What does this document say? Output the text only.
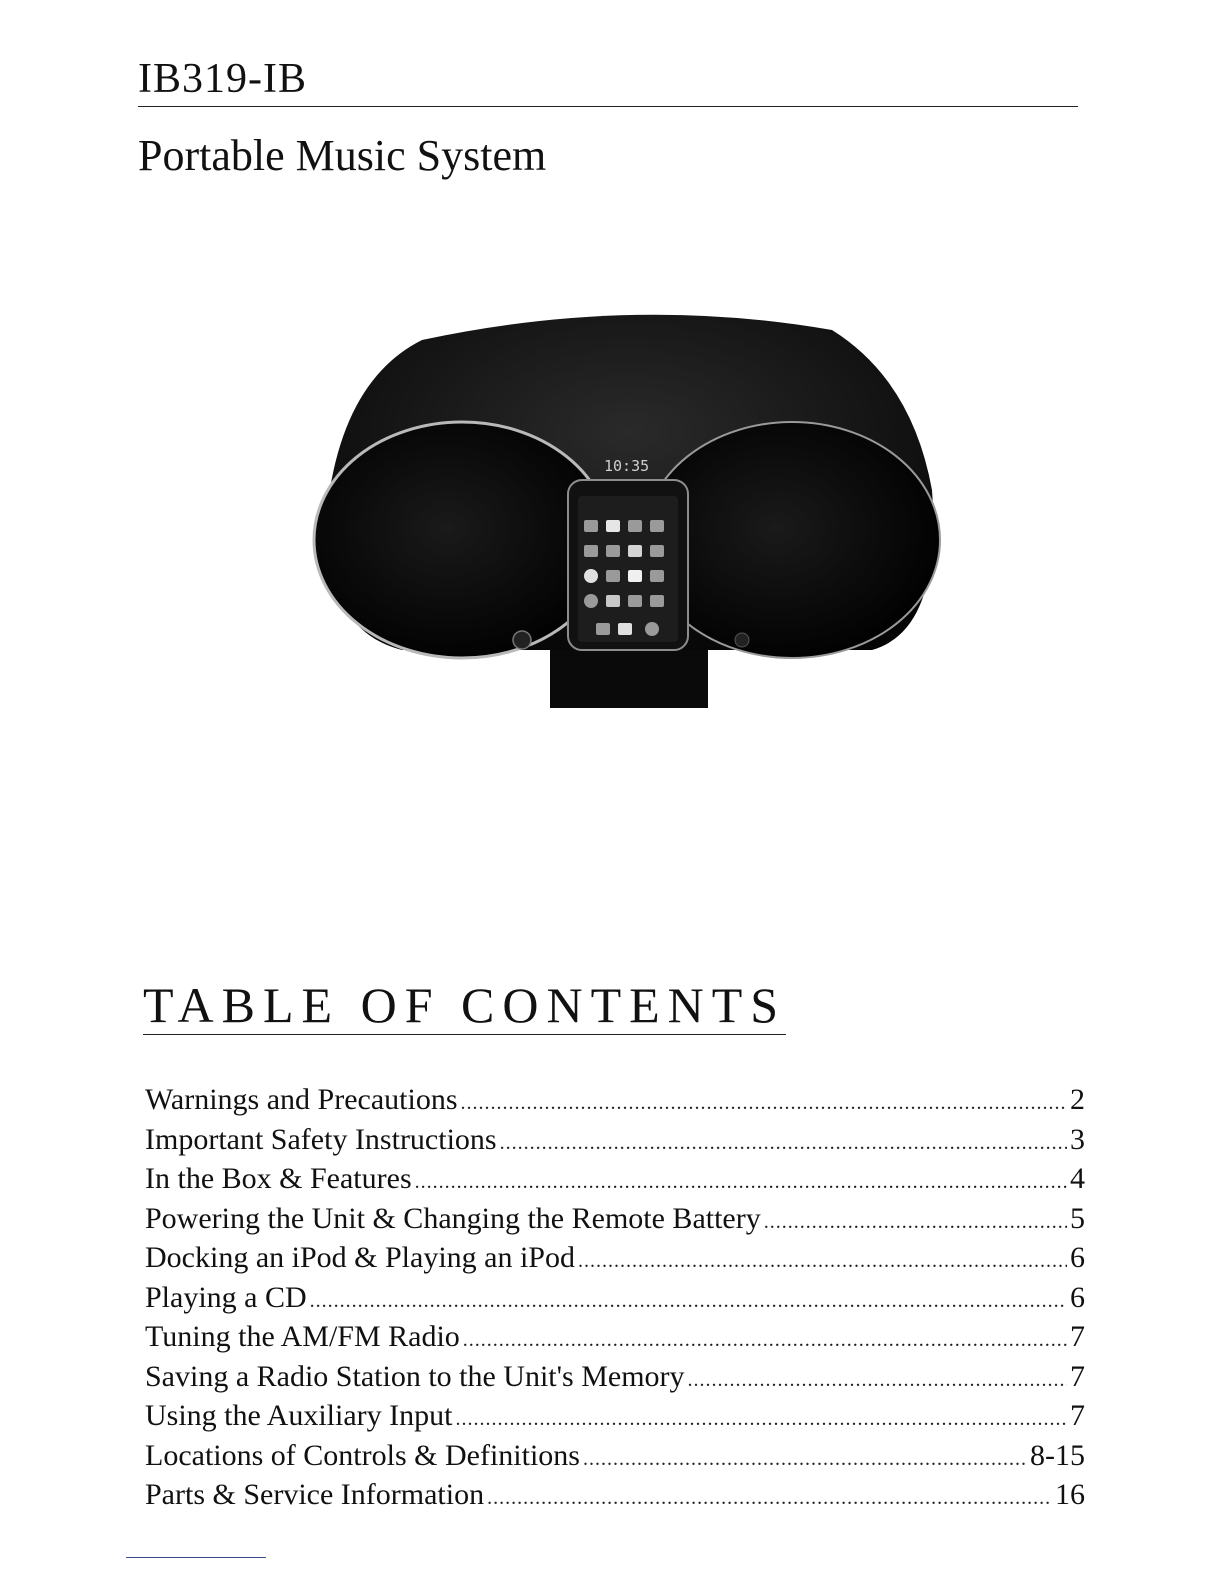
IB319-IB
Portable Music System
10:35
TABLE OF CONTENTS
Warnings and Precautions .....	2
Important Safety Instructions .....	3
In the Box & Features .....	4
Powering the Unit & Changing the Remote Battery .....	5
Docking an iPod & Playing an iPod .....	6
Playing a CD .....	6
Tuning the AM/FM Radio .....	7
Saving a Radio Station to the Unit's Memory .....	7
Using the Auxiliary Input .....	7
Locations of Controls & Definitions .....	8-15
Parts & Service Information .....	16
